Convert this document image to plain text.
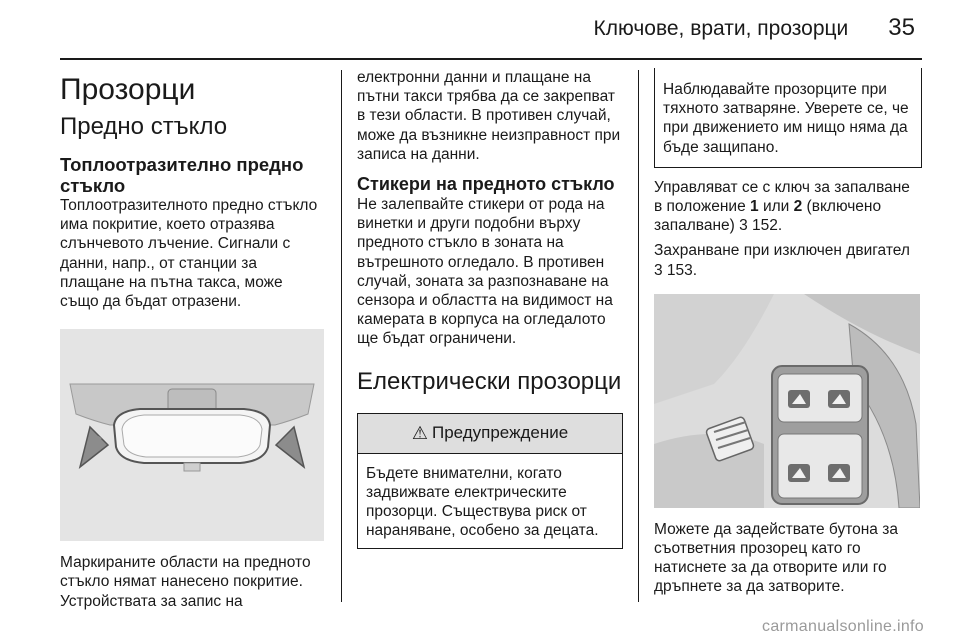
Ключове, врати, прозорци 35
Прозорци
Предно стъкло
Топлоотразително предно стъкло

Топлоотразителното предно стъкло има покритие, което отразява слънчевото лъчение. Сигнали с данни, напр., от станции за плащане на пътна такса, може също да бъдат отразени.

Маркираните области на предното стъкло нямат нанесено покритие. Устройствата за запис на

електронни данни и плащане на пътни такси трябва да се закрепват в тези области. В противен случай, може да възникне неизправност при записа на данни.

Стикери на предното стъкло

Не залепвайте стикери от рода на винетки и други подобни върху предното стъкло в зоната на вътрешното огледало. В противен случай, зоната за разпознаване на сензора и областта на видимост на камерата в корпуса на огледалото ще бъдат ограничени.

Електрически прозорци
⚠ Предупреждение
Бъдете внимателни, когато задвижвате електрическите прозорци. Съществува риск от нараняване, особено за децата.
Наблюдавайте прозорците при тяхното затваряне. Уверете се, че при движението им нищо няма да бъде защипано.

Управляват се с ключ за запалване в положение 1 или 2 (включено запалване) 3 152.

Захранване при изключен двигател 3 153.

Можете да задействате бутона за съответния прозорец като го натиснете за да отворите или го дръпнете за да затворите.

carmanualsonline.info
